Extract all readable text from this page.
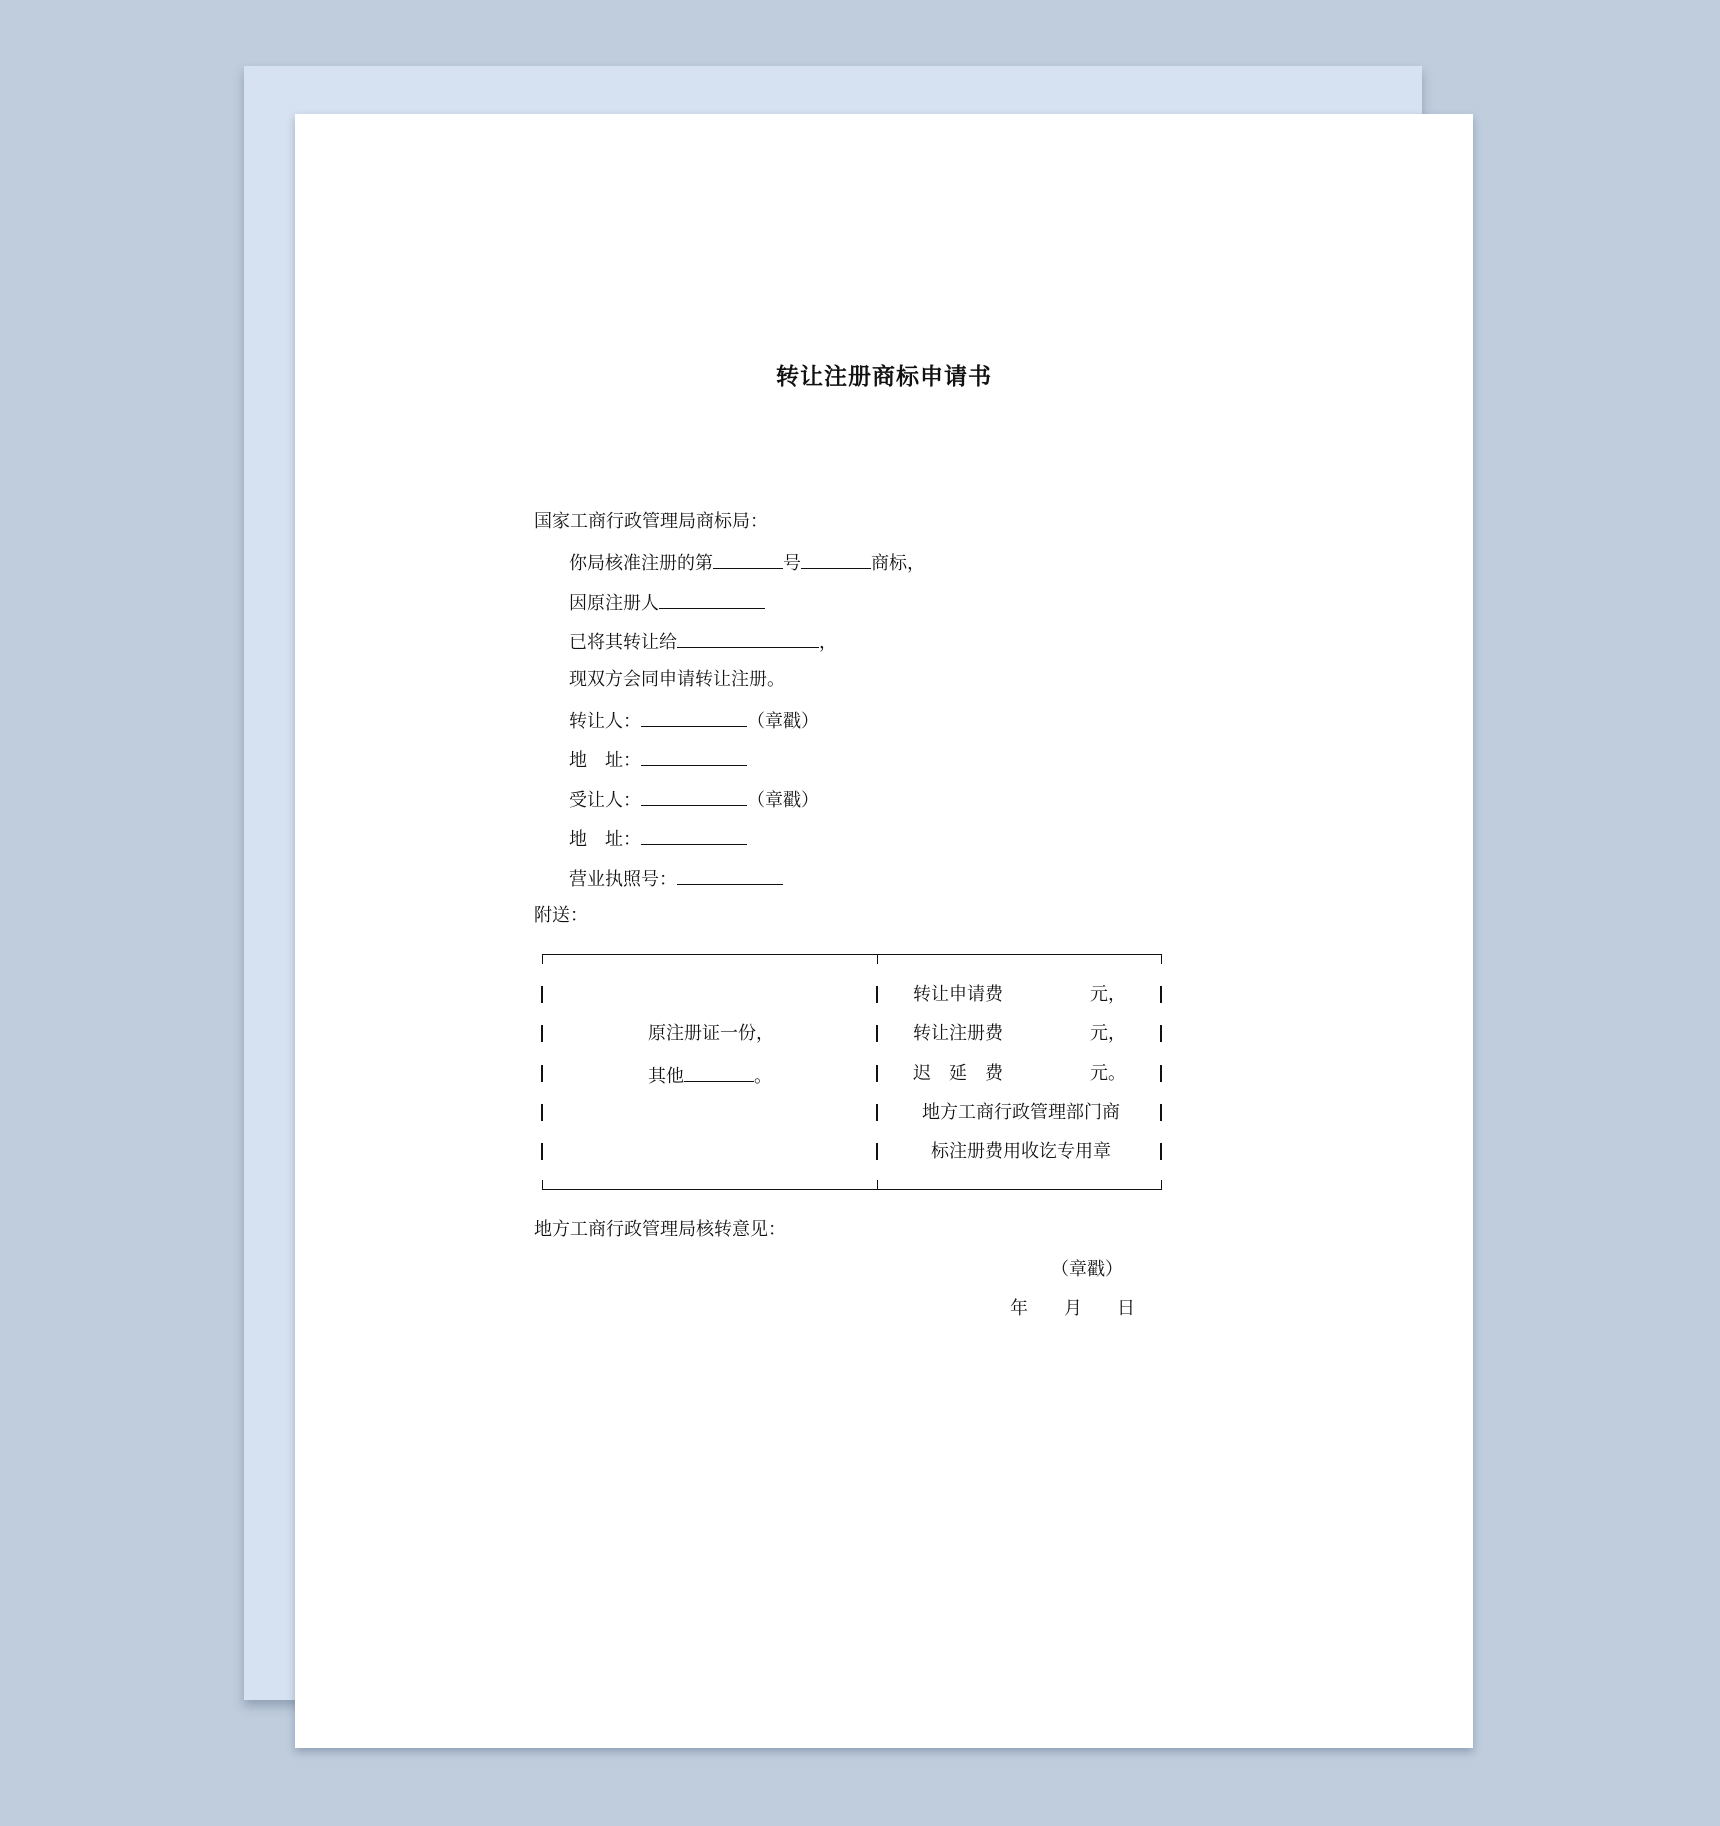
转让注册商标申请书
国家工商行政管理局商标局：
你局核准注册的第	号	商标，
因原注册人
已将其转让给	，
现双方会同申请转让注册。
转让人：	（章戳）
地　址：
受让人：	（章戳）
地　址：
营业执照号：
附送：
原注册证一份，
其他	。
转让申请费	元，
转让注册费	元，
迟　延　费	元。
地方工商行政管理部门商
标注册费用收讫专用章
地方工商行政管理局核转意见：
（章戳）
年 月 日
